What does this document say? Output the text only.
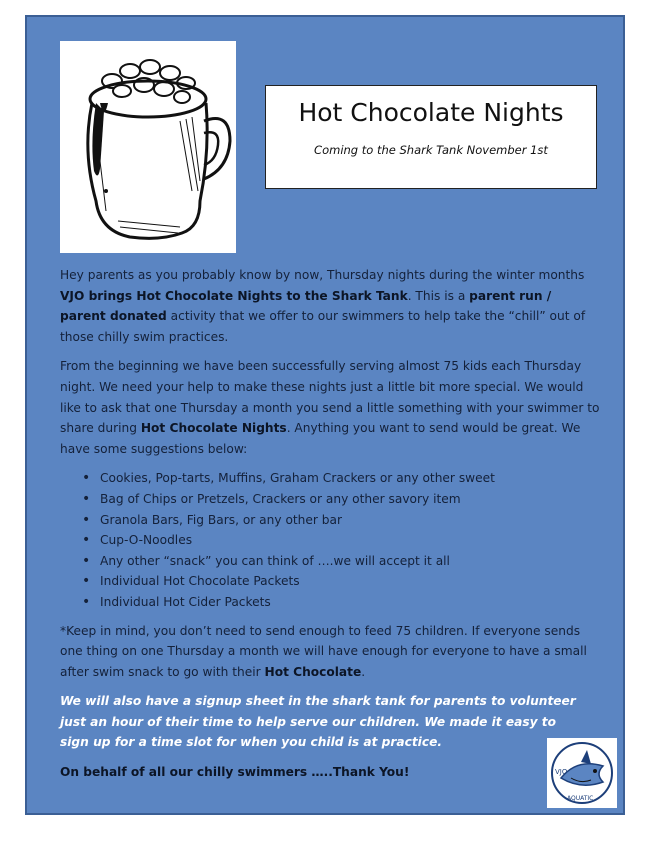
Hot Chocolate Nights
Coming to the Shark Tank November 1st

Hey parents as you probably know by now, Thursday nights during the winter months VJO brings Hot Chocolate Nights to the Shark Tank. This is a parent run / parent donated activity that we offer to our swimmers to help take the “chill” out of those chilly swim practices.

From the beginning we have been successfully serving almost 75 kids each Thursday night. We need your help to make these nights just a little bit more special. We would like to ask that one Thursday a month you send a little something with your swimmer to share during Hot Chocolate Nights. Anything you want to send would be great. We have some suggestions below:

• Cookies, Pop-tarts, Muffins, Graham Crackers or any other sweet
• Bag of Chips or Pretzels, Crackers or any other savory item
• Granola Bars, Fig Bars, or any other bar
• Cup-O-Noodles
• Any other “snack” you can think of ….we will accept it all
• Individual Hot Chocolate Packets
• Individual Hot Cider Packets

*Keep in mind, you don’t need to send enough to feed 75 children. If everyone sends one thing on one Thursday a month we will have enough for everyone to have a small after swim snack to go with their Hot Chocolate.

We will also have a signup sheet in the shark tank for parents to volunteer just an hour of their time to help serve our children. We made it easy to sign up for a time slot for when you child is at practice.

On behalf of all our chilly swimmers …..Thank You!	VJO
AQUATIC
